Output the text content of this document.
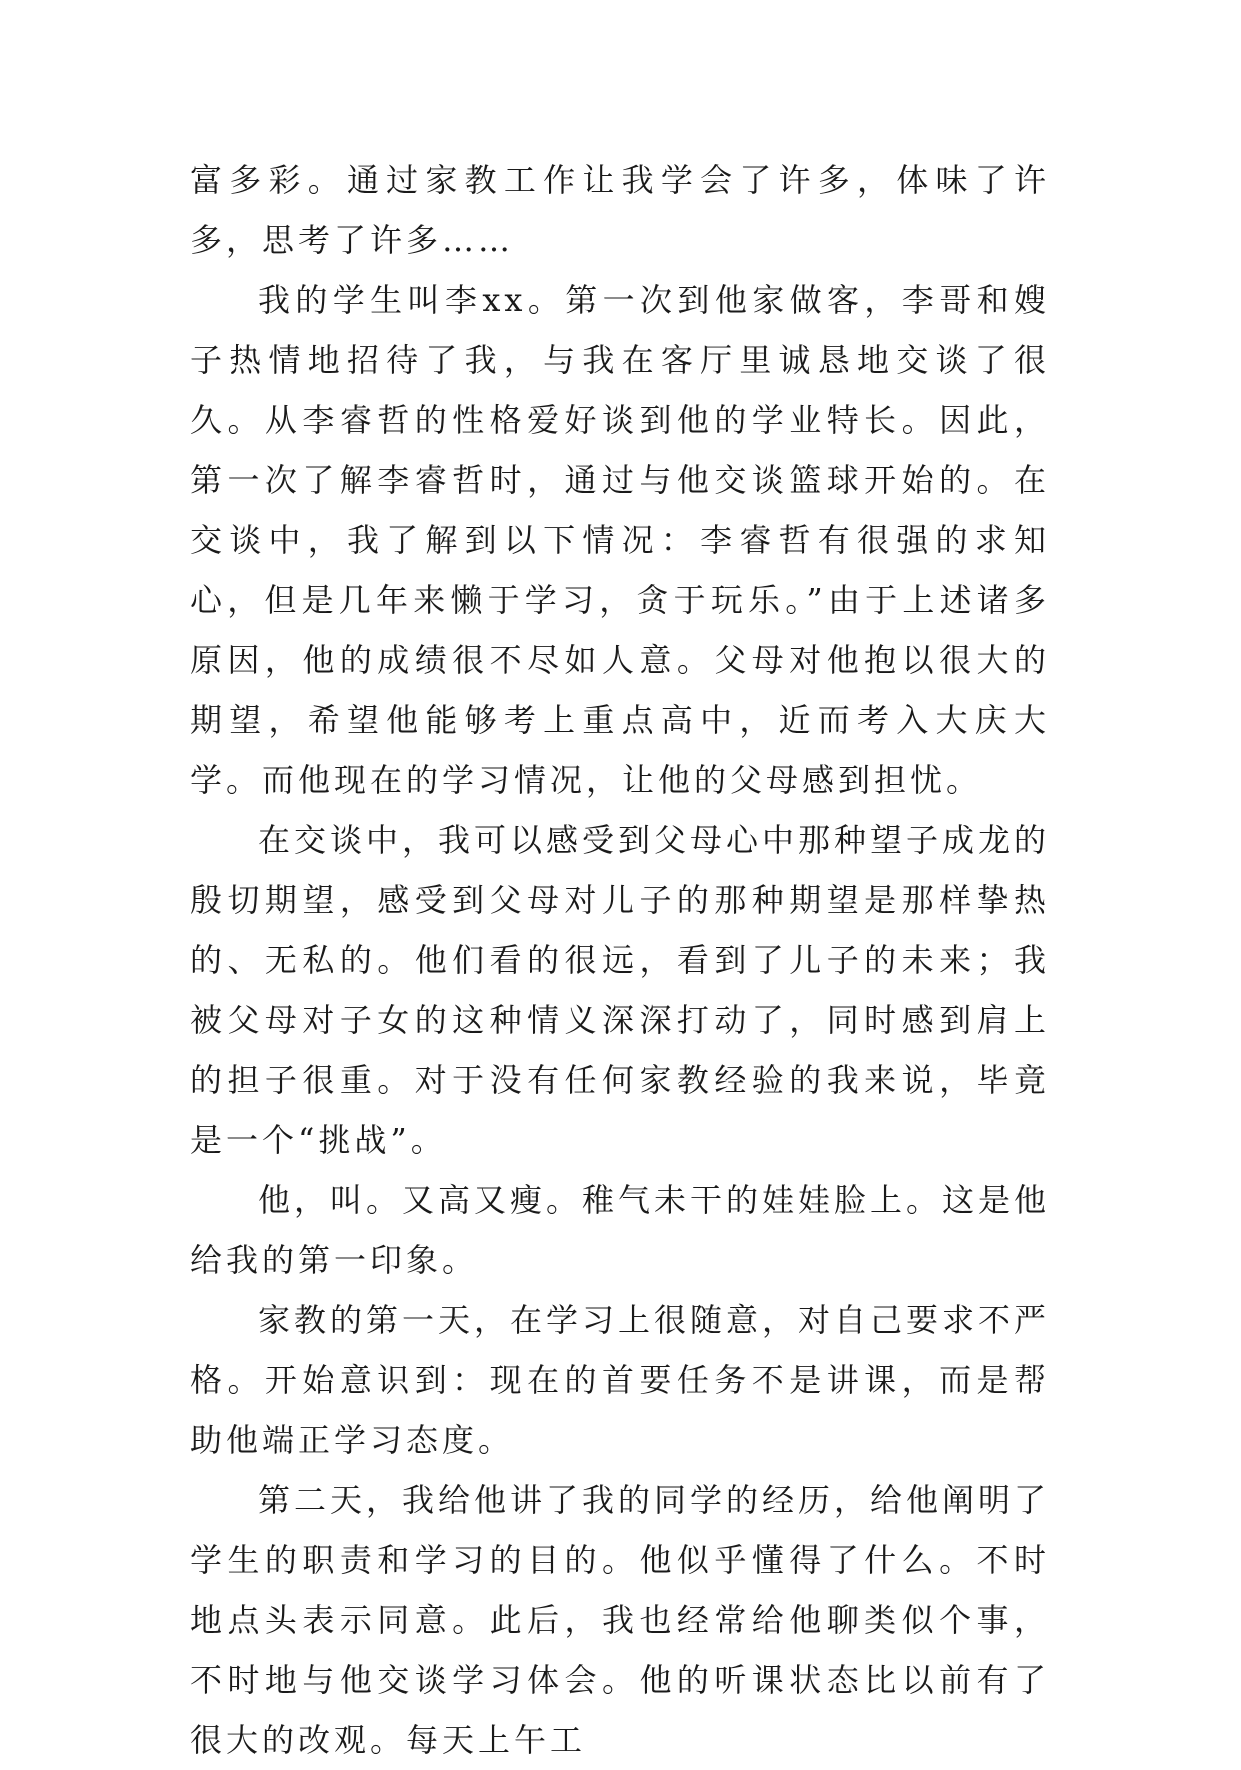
富多彩。通过家教工作让我学会了许多，体味了许多，思考了许多……

我的学生叫李xx。第一次到他家做客，李哥和嫂子热情地招待了我，与我在客厅里诚恳地交谈了很久。从李睿哲的性格爱好谈到他的学业特长。因此，第一次了解李睿哲时，通过与他交谈篮球开始的。在交谈中，我了解到以下情况：李睿哲有很强的求知心，但是几年来懒于学习，贪于玩乐。”由于上述诸多原因，他的成绩很不尽如人意。父母对他抱以很大的期望，希望他能够考上重点高中，近而考入大庆大学。而他现在的学习情况，让他的父母感到担忧。

在交谈中，我可以感受到父母心中那种望子成龙的殷切期望，感受到父母对儿子的那种期望是那样挚热的、无私的。他们看的很远，看到了儿子的未来；我被父母对子女的这种情义深深打动了，同时感到肩上的担子很重。对于没有任何家教经验的我来说，毕竟是一个“挑战”。

他，叫。又高又瘦。稚气未干的娃娃脸上。这是他给我的第一印象。

家教的第一天，在学习上很随意，对自己要求不严格。开始意识到：现在的首要任务不是讲课，而是帮助他端正学习态度。

第二天，我给他讲了我的同学的经历，给他阐明了学生的职责和学习的目的。他似乎懂得了什么。不时地点头表示同意。此后，我也经常给他聊类似个事，不时地与他交谈学习体会。他的听课状态比以前有了很大的改观。每天上午工
